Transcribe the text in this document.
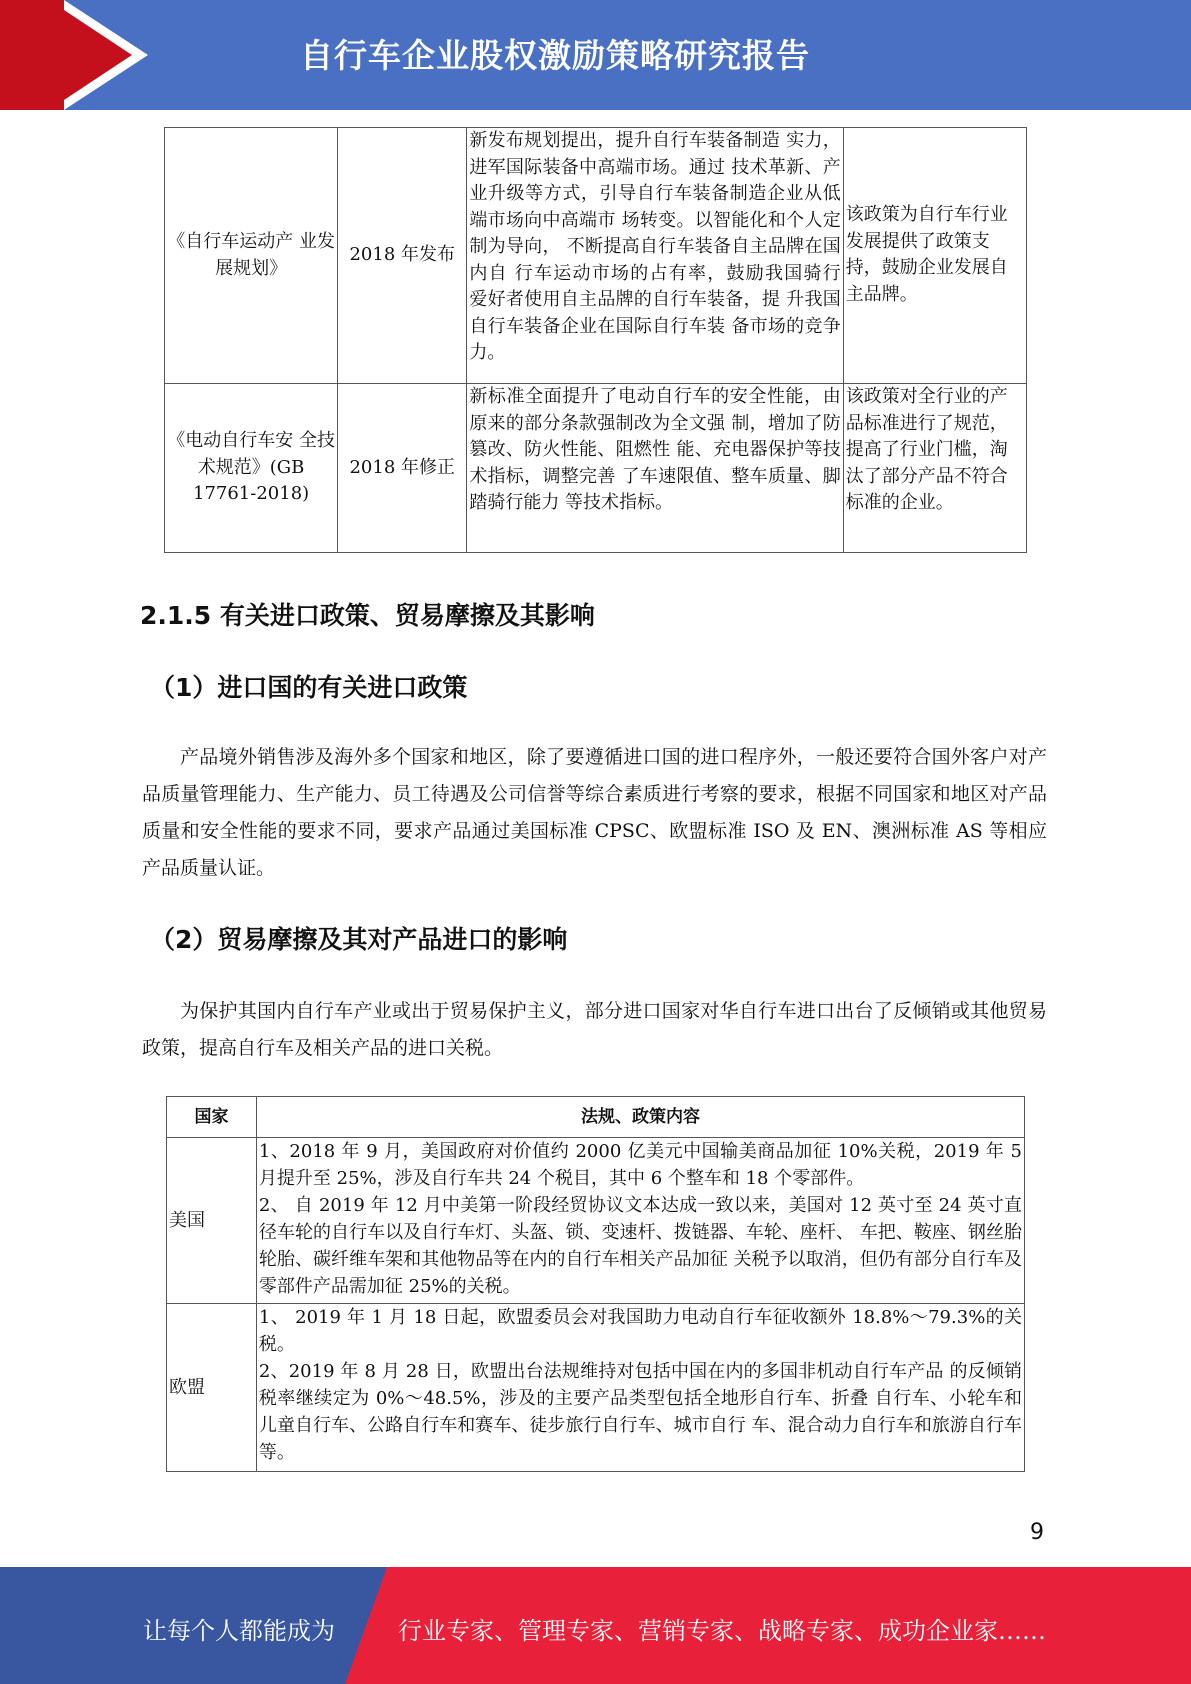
自行车企业股权激励策略研究报告
《自行车运动产 业发展规划》	2018 年发布	新发布规划提出，提升自行车装备制造 实力，进军国际装备中高端市场。通过 技术革新、产业升级等方式，引导自行车装备制造企业从低端市场向中高端市 场转变。以智能化和个人定制为导向， 不断提高自行车装备自主品牌在国内自 行车运动市场的占有率，鼓励我国骑行 爱好者使用自主品牌的自行车装备，提 升我国自行车装备企业在国际自行车装 备市场的竞争力。	该政策为自行车行业发展提供了政策支持，鼓励企业发展自主品牌。
《电动自行车安 全技术规范》(GB 17761-2018)	2018 年修正	新标准全面提升了电动自行车的安全性能，由原来的部分条款强制改为全文强 制，增加了防篡改、防火性能、阻燃性 能、充电器保护等技术指标，调整完善 了车速限值、整车质量、脚踏骑行能力 等技术指标。	该政策对全行业的产品标准进行了规范，提高了行业门槛，淘汰了部分产品不符合标准的企业。
2.1.5 有关进口政策、贸易摩擦及其影响
（1）进口国的有关进口政策

产品境外销售涉及海外多个国家和地区，除了要遵循进口国的进口程序外，一般还要符合国外客户对产品质量管理能力、生产能力、员工待遇及公司信誉等综合素质进行考察的要求，根据不同国家和地区对产品质量和安全性能的要求不同，要求产品通过美国标准 CPSC、欧盟标准 ISO 及 EN、澳洲标准 AS 等相应产品质量认证。

（2）贸易摩擦及其对产品进口的影响

为保护其国内自行车产业或出于贸易保护主义，部分进口国家对华自行车进口出台了反倾销或其他贸易政策，提高自行车及相关产品的进口关税。

国家	法规、政策内容
美国	1、2018 年 9 月，美国政府对价值约 2000 亿美元中国输美商品加征 10%关税，2019 年 5 月提升至 25%，涉及自行车共 24 个税目，其中 6 个整车和 18 个零部件。
2、 自 2019 年 12 月中美第一阶段经贸协议文本达成一致以来，美国对 12 英寸至 24 英寸直径车轮的自行车以及自行车灯、头盔、锁、变速杆、拨链器、车轮、座杆、 车把、鞍座、钢丝胎轮胎、碳纤维车架和其他物品等在内的自行车相关产品加征 关税予以取消，但仍有部分自行车及零部件产品需加征 25%的关税。

欧盟	1、 2019 年 1 月 18 日起，欧盟委员会对我国助力电动自行车征收额外 18.8%～79.3%的关税。
2、2019 年 8 月 28 日，欧盟出台法规维持对包括中国在内的多国非机动自行车产品 的反倾销税率继续定为 0%～48.5%，涉及的主要产品类型包括全地形自行车、折叠 自行车、小轮车和儿童自行车、公路自行车和赛车、徒步旅行自行车、城市自行 车、混合动力自行车和旅游自行车等。
9
让每个人都能成为	行业专家、管理专家、营销专家、战略专家、成功企业家……
